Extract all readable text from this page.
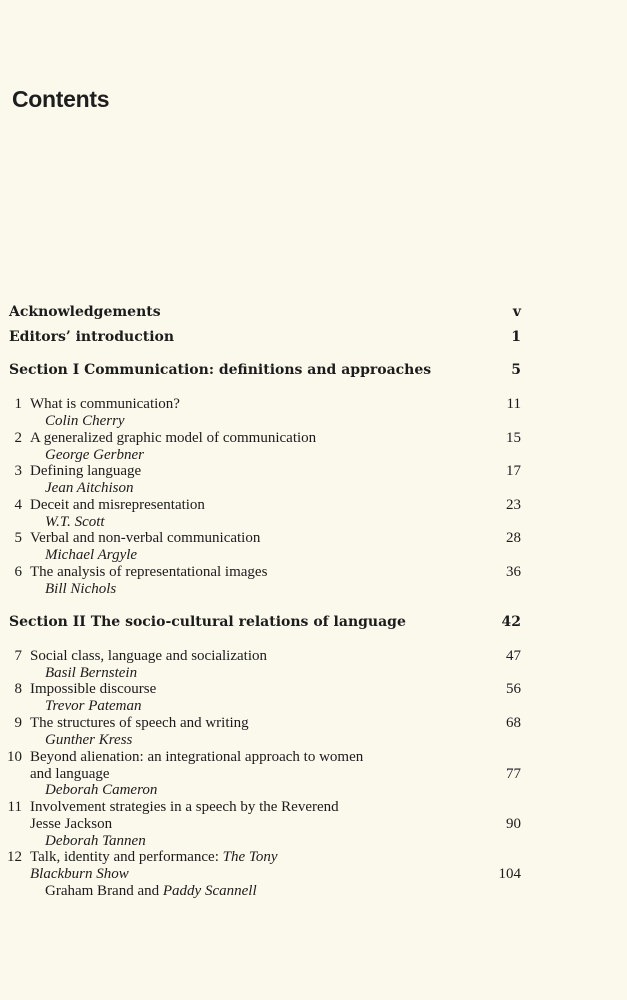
Contents
Acknowledgements	v
Editors’ introduction	1
Section I Communication: definitions and approaches	5
1 What is communication?	11
Colin Cherry
2 A generalized graphic model of communication	15
George Gerbner
3 Defining language	17
Jean Aitchison
4 Deceit and misrepresentation	23
W.T. Scott
5 Verbal and non-verbal communication	28
Michael Argyle
6 The analysis of representational images	36
Bill Nichols
Section II The socio-cultural relations of language	42
7 Social class, language and socialization	47
Basil Bernstein
8 Impossible discourse	56
Trevor Pateman
9 The structures of speech and writing	68
Gunther Kress
10 Beyond alienation: an integrational approach to women
and language	77
Deborah Cameron
11 Involvement strategies in a speech by the Reverend
Jesse Jackson	90
Deborah Tannen
12 Talk, identity and performance: The Tony
Blackburn Show	104
Graham Brand and Paddy Scannell
